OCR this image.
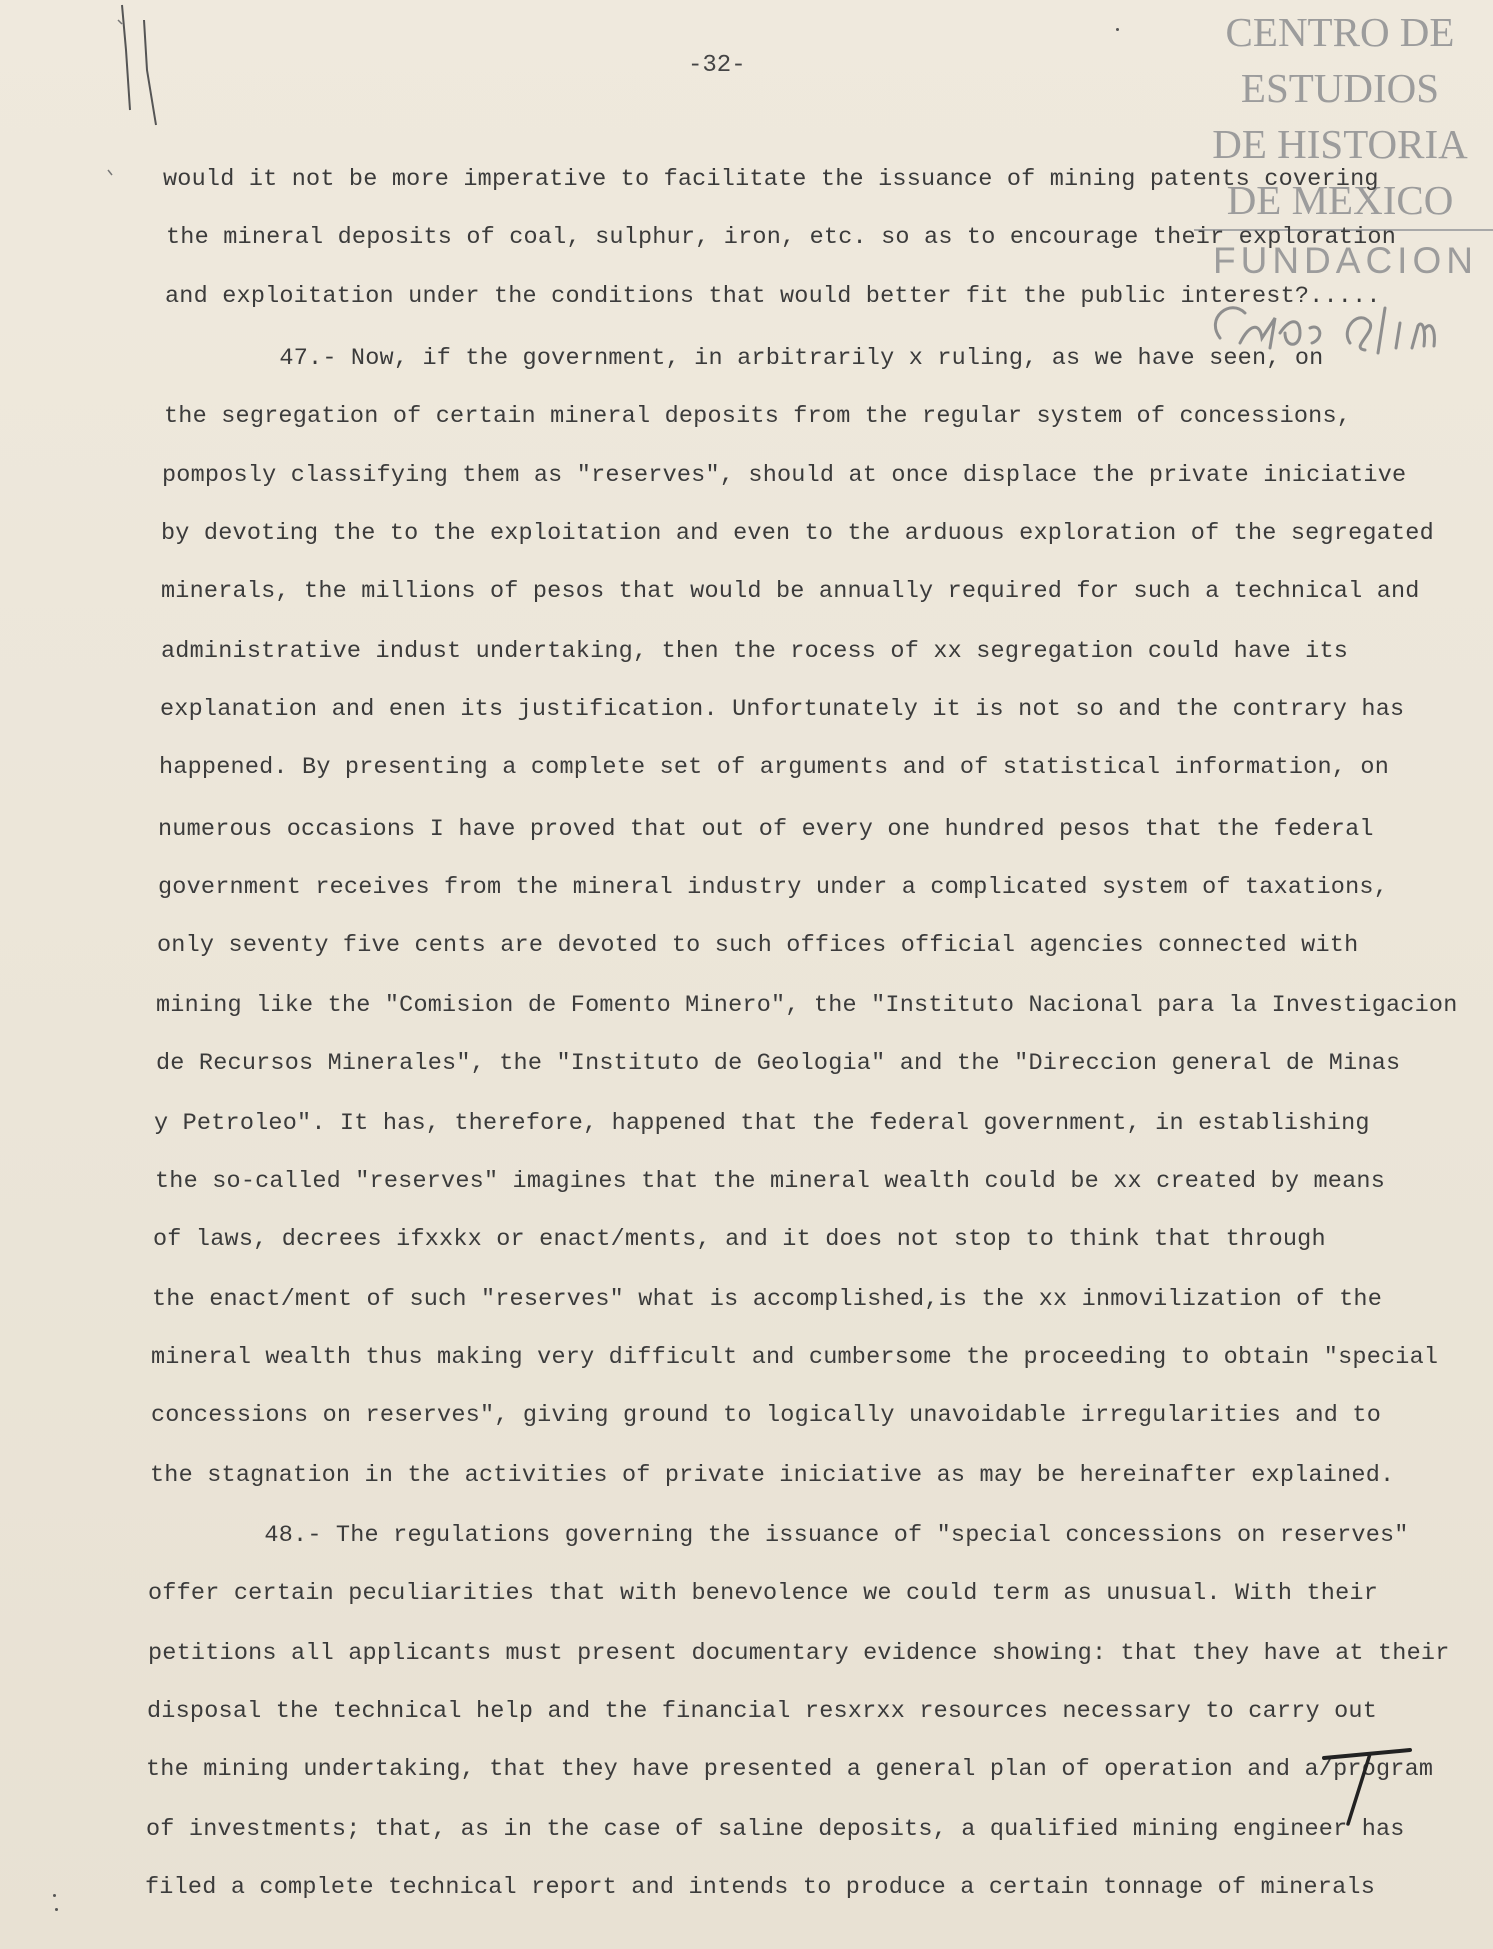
-32-
CENTRO DE
ESTUDIOS
DE HISTORIA
DE MEXICO
FUNDACION
would it not be more imperative to facilitate the issuance of mining patents covering
the mineral deposits of coal, sulphur, iron, etc. so as to encourage their exploration
and exploitation under the conditions that would better fit the public interest?.....
47.- Now, if the government, in arbitrarily x ruling, as we have seen, on
the segregation of certain mineral deposits from the regular system of concessions,
pomposly classifying them as "reserves", should at once displace the private iniciative
by devoting the to the exploitation and even to the arduous exploration of the segregated
minerals, the millions of pesos that would be annually required for such a technical and
administrative indust undertaking, then the rocess of xx segregation could have its
explanation and enen its justification. Unfortunately it is not so and the contrary has
happened. By presenting a complete set of arguments and of statistical information, on
numerous occasions I have proved that out of every one hundred pesos that the federal
government receives from the mineral industry under a complicated system of taxations,
only seventy five cents are devoted to such offices official agencies connected with
mining like the "Comision de Fomento Minero", the "Instituto Nacional para la Investigacion
de Recursos Minerales", the "Instituto de Geologia" and the "Direccion general de Minas
y Petroleo". It has, therefore, happened that the federal government, in establishing
the so-called "reserves" imagines that the mineral wealth could be xx created by means
of laws, decrees ifxxkx or enact/ments, and it does not stop to think that through
the enact/ment of such "reserves" what is accomplished,is the xx inmovilization of the
mineral wealth thus making very difficult and cumbersome the proceeding to obtain "special
concessions on reserves", giving ground to logically unavoidable irregularities and to
the stagnation in the activities of private iniciative as may be hereinafter explained.
48.- The regulations governing the issuance of "special concessions on reserves"
offer certain peculiarities that with benevolence we could term as unusual. With their
petitions all applicants must present documentary evidence showing: that they have at their
disposal the technical help and the financial resxrxx resources necessary to carry out
the mining undertaking, that they have presented a general plan of operation and a/program
of investments; that, as in the case of saline deposits, a qualified mining engineer has
filed a complete technical report and intends to produce a certain tonnage of minerals
